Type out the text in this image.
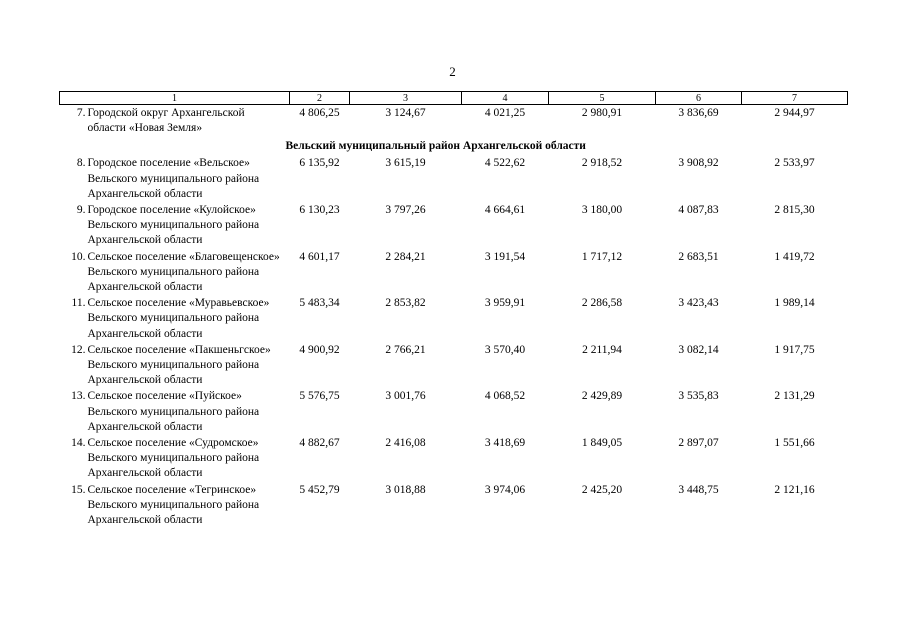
2
1	2	3	4	5	6	7
7. Городской округ Архангельской области «Новая Земля»	4 806,25	3 124,67	4 021,25	2 980,91	3 836,69	2 944,97
Вельский муниципальный район Архангельской области						
8. Городское поселение «Вельское» Вельского муниципального района Архангельской области	6 135,92	3 615,19	4 522,62	2 918,52	3 908,92	2 533,97
9. Городское поселение «Кулойское» Вельского муниципального района Архангельской области	6 130,23	3 797,26	4 664,61	3 180,00	4 087,83	2 815,30
10. Сельское поселение «Благовещенское» Вельского муниципального района Архангельской области	4 601,17	2 284,21	3 191,54	1 717,12	2 683,51	1 419,72
11. Сельское поселение «Муравьевское» Вельского муниципального района Архангельской области	5 483,34	2 853,82	3 959,91	2 286,58	3 423,43	1 989,14
12. Сельское поселение «Пакшеньгское» Вельского муниципального района Архангельской области	4 900,92	2 766,21	3 570,40	2 211,94	3 082,14	1 917,75
13. Сельское поселение «Пуйское» Вельского муниципального района Архангельской области	5 576,75	3 001,76	4 068,52	2 429,89	3 535,83	2 131,29
14. Сельское поселение «Судромское» Вельского муниципального района Архангельской области	4 882,67	2 416,08	3 418,69	1 849,05	2 897,07	1 551,66
15. Сельское поселение «Тегринское» Вельского муниципального района Архангельской области	5 452,79	3 018,88	3 974,06	2 425,20	3 448,75	2 121,16
